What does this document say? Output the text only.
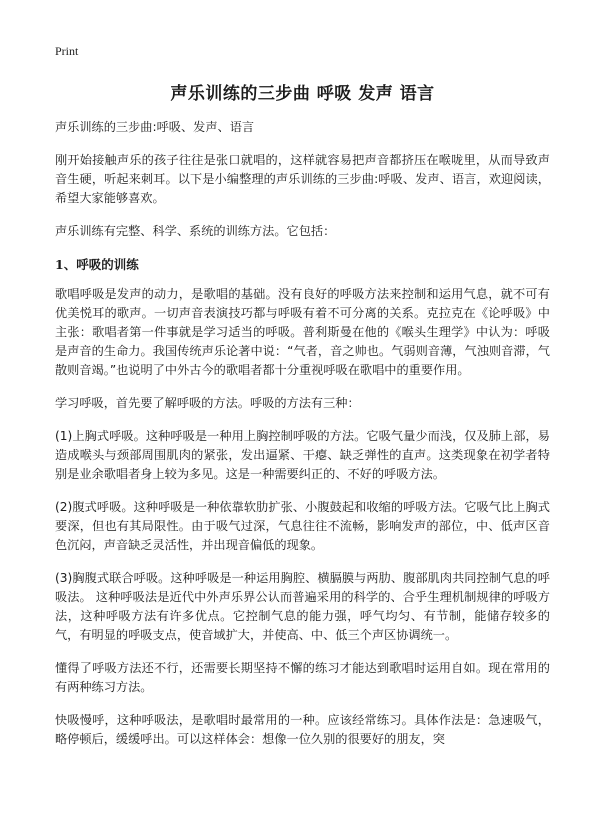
Print
声乐训练的三步曲 呼吸 发声 语言

声乐训练的三步曲:呼吸、发声、语言

刚开始接触声乐的孩子往往是张口就唱的，这样就容易把声音都挤压在喉咙里，从而导致声音生硬，听起来刺耳。以下是小编整理的声乐训练的三步曲:呼吸、发声、语言，欢迎阅读，希望大家能够喜欢。

声乐训练有完整、科学、系统的训练方法。它包括：

1、呼吸的训练

歌唱呼吸是发声的动力，是歌唱的基础。没有良好的呼吸方法来控制和运用气息，就不可有优美悦耳的歌声。一切声音表演技巧都与呼吸有着不可分离的关系。克拉克在《论呼吸》中主张：歌唱者第一件事就是学习适当的呼吸。普利斯曼在他的《喉头生理学》中认为：呼吸是声音的生命力。我国传统声乐论著中说：“气者，音之帅也。气弱则音薄，气浊则音滞，气散则音竭。”也说明了中外古今的歌唱者都十分重视呼吸在歌唱中的重要作用。

学习呼吸，首先要了解呼吸的方法。呼吸的方法有三种：

(1)上胸式呼吸。这种呼吸是一种用上胸控制呼吸的方法。它吸气量少而浅，仅及肺上部，易造成喉头与颈部周围肌肉的紧张，发出逼紧、干瘪、缺乏弹性的直声。这类现象在初学者特别是业余歌唱者身上较为多见。这是一种需要纠正的、不好的呼吸方法。

(2)腹式呼吸。这种呼吸是一种依靠软肋扩张、小腹鼓起和收缩的呼吸方法。它吸气比上胸式要深，但也有其局限性。由于吸气过深，气息往往不流畅，影响发声的部位，中、低声区音色沉闷，声音缺乏灵活性，并出现音偏低的现象。

(3)胸腹式联合呼吸。这种呼吸是一种运用胸腔、横膈膜与两肋、腹部肌肉共同控制气息的呼吸法。 这种呼吸法是近代中外声乐界公认而普遍采用的科学的、合乎生理机制规律的呼吸方法，这种呼吸方法有许多优点。它控制气息的能力强，呼气均匀、有节制，能储存较多的气，有明显的呼吸支点，使音域扩大，并使高、中、低三个声区协调统一。

懂得了呼吸方法还不行，还需要长期坚持不懈的练习才能达到歌唱时运用自如。现在常用的有两种练习方法。

快吸慢呼，这种呼吸法，是歌唱时最常用的一种。应该经常练习。具体作法是：急速吸气，略停顿后，缓缓呼出。可以这样体会：想像一位久别的很要好的朋友，突
